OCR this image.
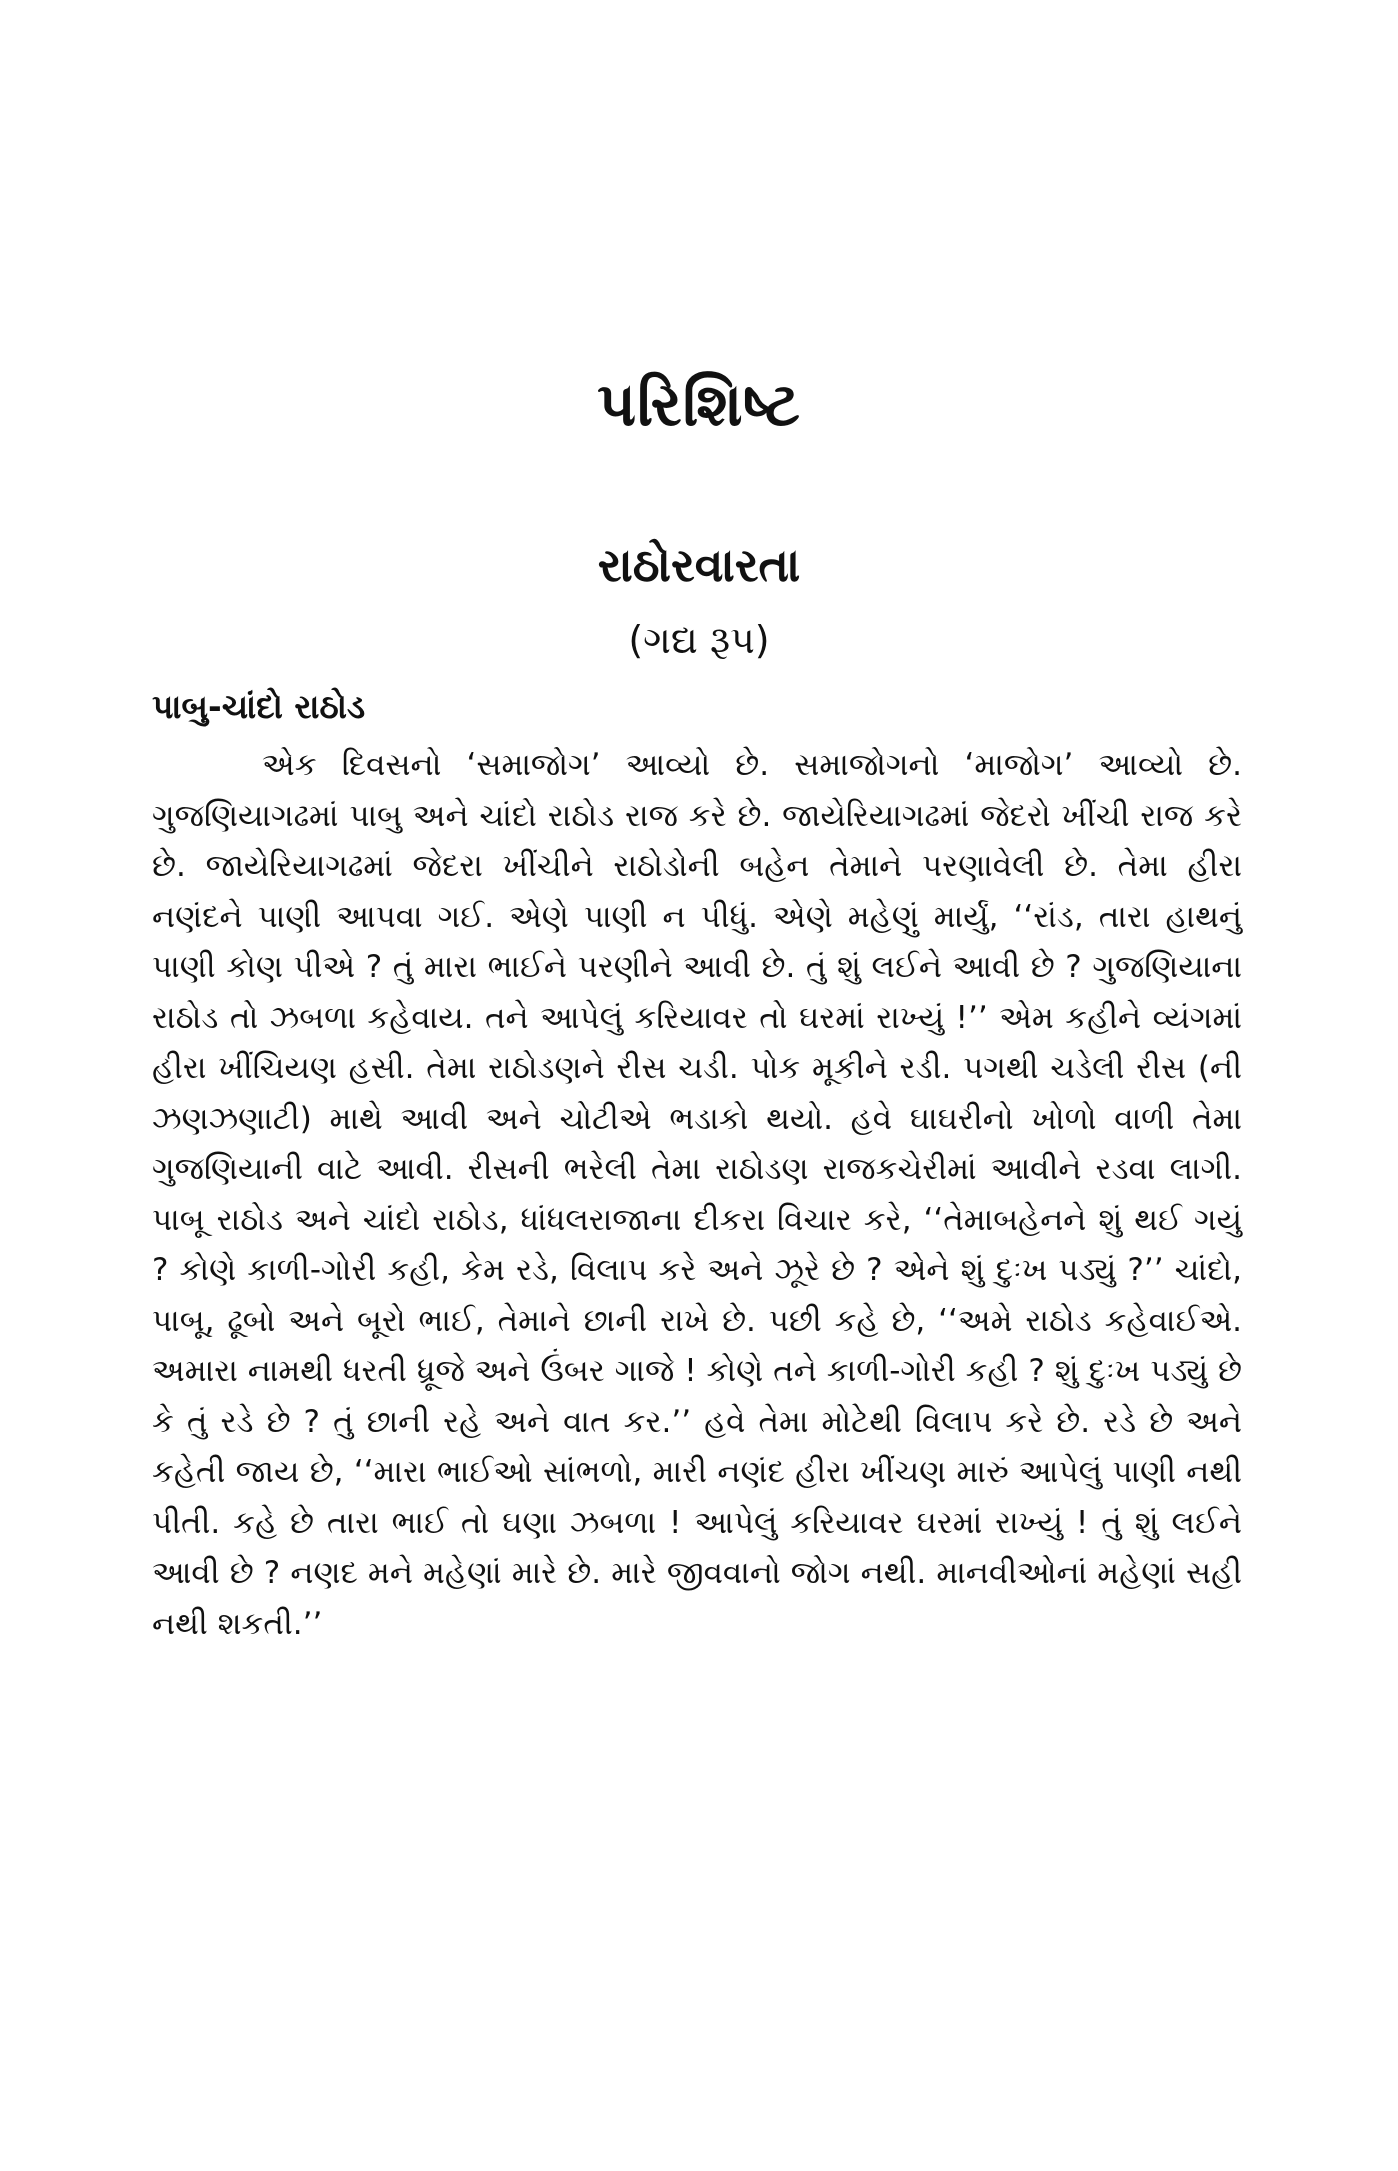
પરિશિષ્ટ
રાઠોરવારતા
(ગદ્ય રૂપ)
પાબુ-ચાંદો રાઠોડ

એક દિવસનો ‘સમાજોગ’ આવ્યો છે. સમાજોગનો ‘માજોગ’ આવ્યો છે. ગુજણિયાગઢમાં પાબુ અને ચાંદો રાઠોડ રાજ કરે છે. જાયેરિયાગઢમાં જેદરો ખીંચી રાજ કરે છે. જાયેરિયાગઢમાં જેદરા ખીંચીને રાઠોડોની બહેન તેમાને પરણાવેલી છે. તેમા હીરા નણંદને પાણી આપવા ગઈ. એણે પાણી ન પીધું. એણે મહેણું માર્યું, ‘‘રાંડ, તારા હાથનું પાણી કોણ પીએ ? તું મારા ભાઈને પરણીને આવી છે. તું શું લઈને આવી છે ? ગુજણિયાના રાઠોડ તો ઝબળા કહેવાય. તને આપેલું કરિયાવર તો ઘરમાં રાખ્યું !’’ એમ કહીને વ્યંગમાં હીરા ખીંચિયણ હસી. તેમા રાઠોડણને રીસ ચડી. પોક મૂકીને રડી. પગથી ચડેલી રીસ (ની ઝણઝણાટી) માથે આવી અને ચોટીએ ભડાકો થયો. હવે ઘાઘરીનો ખોળો વાળી તેમા ગુજણિયાની વાટે આવી. રીસની ભરેલી તેમા રાઠોડણ રાજકચેરીમાં આવીને રડવા લાગી. પાબૂ રાઠોડ અને ચાંદો રાઠોડ, ધાંધલરાજાના દીકરા વિચાર કરે, ‘‘તેમાબહેનને શું થઈ ગયું ? કોણે કાળી-ગોરી કહી, કેમ રડે, વિલાપ કરે અને ઝૂરે છે ? એને શું દુઃખ પડ્યું ?’’ ચાંદો, પાબૂ, ઢૂબો અને બૂરો ભાઈ, તેમાને છાની રાખે છે. પછી કહે છે, ‘‘અમે રાઠોડ કહેવાઈએ. અમારા નામથી ધરતી ધ્રૂજે અને ઉંબર ગાજે ! કોણે તને કાળી-ગોરી કહી ? શું દુઃખ પડ્યું છે કે તું રડે છે ? તું છાની રહે અને વાત કર.’’ હવે તેમા મોટેથી વિલાપ કરે છે. રડે છે અને કહેતી જાય છે, ‘‘મારા ભાઈઓ સાંભળો, મારી નણંદ હીરા ખીંચણ મારું આપેલું પાણી નથી પીતી. કહે છે તારા ભાઈ તો ઘણા ઝબળા ! આપેલું કરિયાવર ઘરમાં રાખ્યું ! તું શું લઈને આવી છે ? નણદ મને મહેણાં મારે છે. મારે જીવવાનો જોગ નથી. માનવીઓનાં મહેણાં સહી નથી શકતી.’’
